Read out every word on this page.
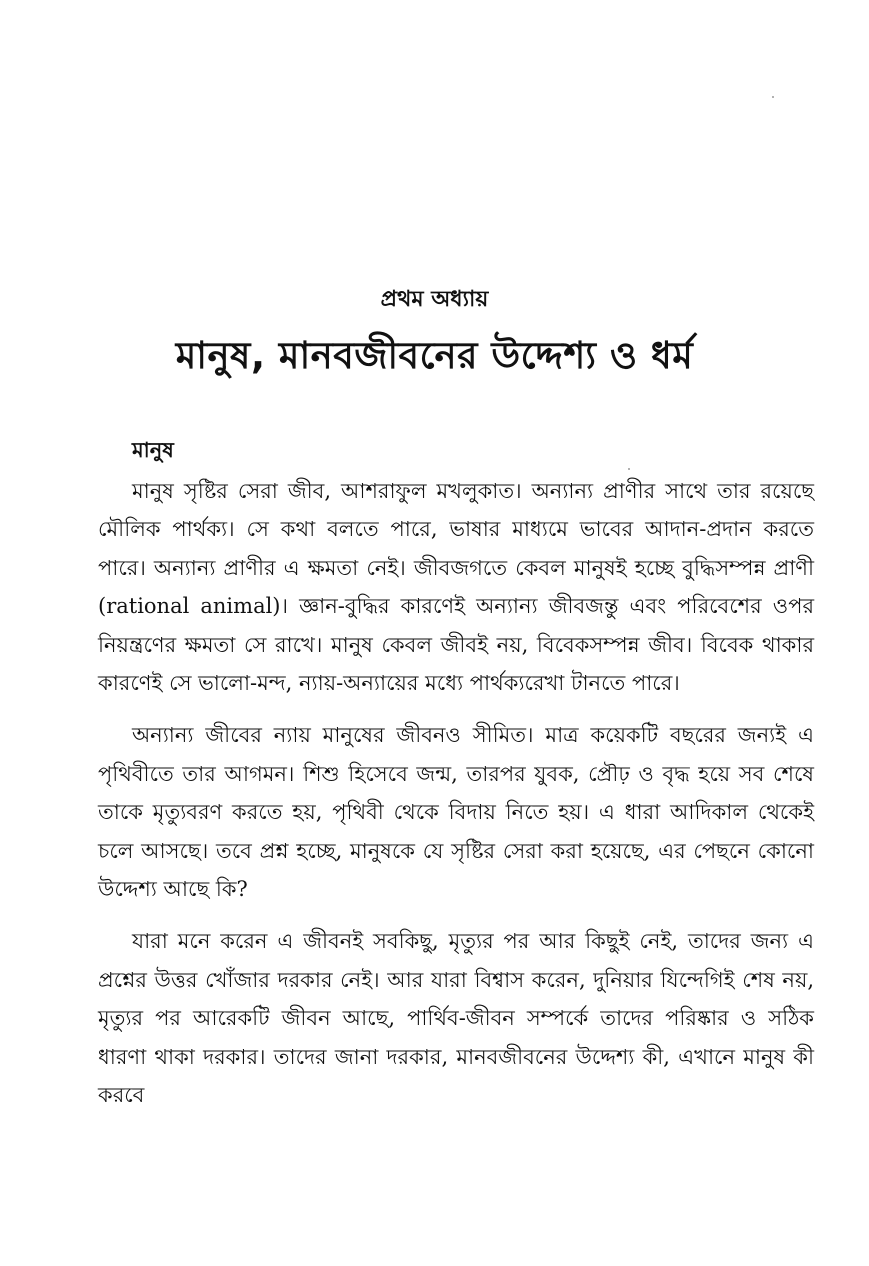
প্রথম অধ্যায়
মানুষ, মানবজীবনের উদ্দেশ্য ও ধর্ম
মানুষ

মানুষ সৃষ্টির সেরা জীব, আশরাফুল মখলুকাত। অন্যান্য প্রাণীর সাথে তার রয়েছে মৌলিক পার্থক্য। সে কথা বলতে পারে, ভাষার মাধ্যমে ভাবের আদান-প্রদান করতে পারে। অন্যান্য প্রাণীর এ ক্ষমতা নেই। জীবজগতে কেবল মানুষই হচ্ছে বুদ্ধিসম্পন্ন প্রাণী (rational animal)। জ্ঞান-বুদ্ধির কারণেই অন্যান্য জীবজন্তু এবং পরিবেশের ওপর নিয়ন্ত্রণের ক্ষমতা সে রাখে। মানুষ কেবল জীবই নয়, বিবেকসম্পন্ন জীব। বিবেক থাকার কারণেই সে ভালো-মন্দ, ন্যায়-অন্যায়ের মধ্যে পার্থক্যরেখা টানতে পারে।

অন্যান্য জীবের ন্যায় মানুষের জীবনও সীমিত। মাত্র কয়েকটি বছরের জন্যই এ পৃথিবীতে তার আগমন। শিশু হিসেবে জন্ম, তারপর যুবক, প্রৌঢ় ও বৃদ্ধ হয়ে সব শেষে তাকে মৃত্যুবরণ করতে হয়, পৃথিবী থেকে বিদায় নিতে হয়। এ ধারা আদিকাল থেকেই চলে আসছে। তবে প্রশ্ন হচ্ছে, মানুষকে যে সৃষ্টির সেরা করা হয়েছে, এর পেছনে কোনো উদ্দেশ্য আছে কি?

যারা মনে করেন এ জীবনই সবকিছু, মৃত্যুর পর আর কিছুই নেই, তাদের জন্য এ প্রশ্নের উত্তর খোঁজার দরকার নেই। আর যারা বিশ্বাস করেন, দুনিয়ার যিন্দেগিই শেষ নয়, মৃত্যুর পর আরেকটি জীবন আছে, পার্থিব-জীবন সম্পর্কে তাদের পরিষ্কার ও সঠিক ধারণা থাকা দরকার। তাদের জানা দরকার, মানবজীবনের উদ্দেশ্য কী, এখানে মানুষ কী করবে
